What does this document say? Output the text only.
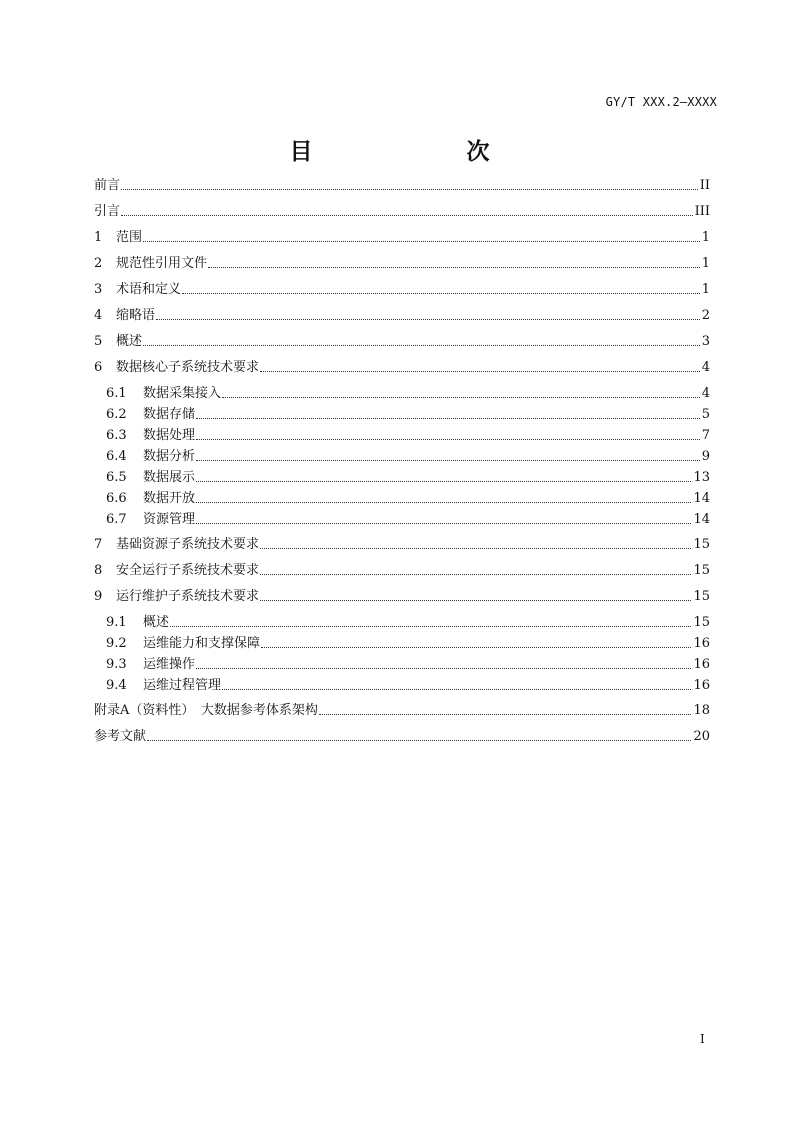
GY/T XXX.2—XXXX
目　　次
前言	II
引言	III
1	范围	1
2	规范性引用文件	1
3	术语和定义	1
4	缩略语	2
5	概述	3
6	数据核心子系统技术要求	4
6.1	数据采集接入	4
6.2	数据存储	5
6.3	数据处理	7
6.4	数据分析	9
6.5	数据展示	13
6.6	数据开放	14
6.7	资源管理	14
7	基础资源子系统技术要求	15
8	安全运行子系统技术要求	15
9	运行维护子系统技术要求	15
9.1	概述	15
9.2	运维能力和支撑保障	16
9.3	运维操作	16
9.4	运维过程管理	16
附录A（资料性）　大数据参考体系架构	18
参考文献	20
I
